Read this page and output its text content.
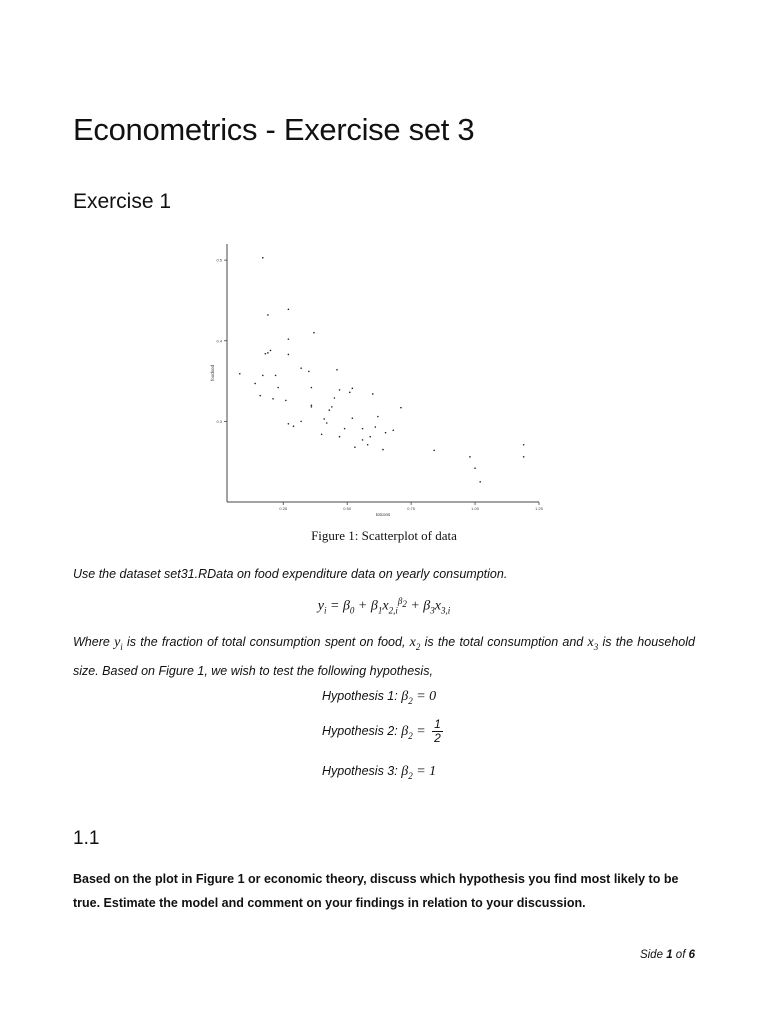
Econometrics - Exercise set 3
Exercise 1
0.25	0.50	0.75	1.00	1.25
0.3
0.4
0.5
totcons
foodsod
Figure 1: Scatterplot of data

Use the dataset set31.RData on food expenditure data on yearly consumption.

$y_i = \beta_0 + \beta_1x_{2,i}^{\beta_2} + \beta_3x_{3,i}$

Where $y_i$ is the fraction of total consumption spent on food, $x_2$ is the total consumption and $x_3$ is the household size. Based on Figure 1, we wish to test the following hypothesis,

Hypothesis 1: $\beta_2 = 0$
Hypothesis 2: $\beta_2 = \frac{1}{2}$
Hypothesis 3: $\beta_2 = 1$
1.1

Based on the plot in Figure 1 or economic theory, discuss which hypothesis you find most likely to be true. Estimate the model and comment on your findings in relation to your discussion.

Side 1 of 6
